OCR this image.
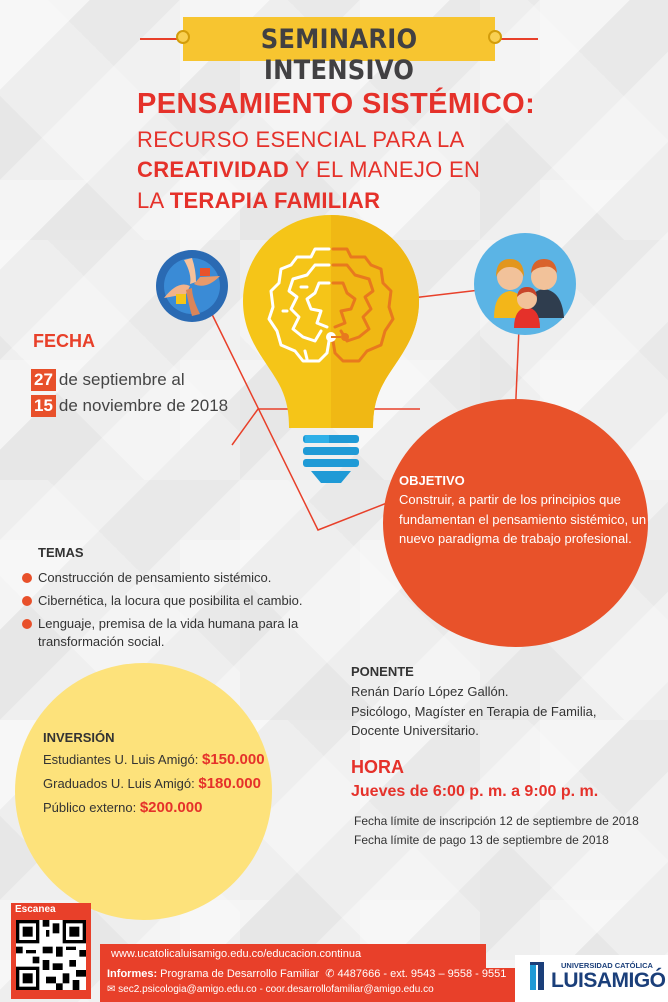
SEMINARIO INTENSIVO
PENSAMIENTO SISTÉMICO:
RECURSO ESENCIAL PARA LA
CREATIVIDAD Y EL MANEJO EN
LA TERAPIA FAMILIAR
FECHA
27 de septiembre al
15 de noviembre de 2018
OBJETIVO
Construir, a partir de los principios que fundamentan el pensamiento sistémico, un nuevo paradigma de trabajo profesional.
TEMAS
Construcción de pensamiento sistémico.
Cibernética, la locura que posibilita el cambio.
Lenguaje, premisa de la vida humana para la transformación social.
INVERSIÓN
Estudiantes U. Luis Amigó: $150.000
Graduados U. Luis Amigó: $180.000
Público externo: $200.000
PONENTE
Renán Darío López Gallón.
Psicólogo, Magíster en Terapia de Familia,
Docente Universitario.
HORA
Jueves de 6:00 p. m. a 9:00 p. m.
Fecha límite de inscripción 12 de septiembre de 2018
Fecha límite de pago 13 de septiembre de 2018
Escanea
www.ucatolicaluisamigo.edu.co/educacion.continua
Informes: Programa de Desarrollo Familiar  ✆ 4487666 - ext. 9543 – 9558 - 9551
✉ sec2.psicologia@amigo.edu.co - coor.desarrollofamiliar@amigo.edu.co
UNIVERSIDAD CATÓLICA
LUISAMIGÓ
